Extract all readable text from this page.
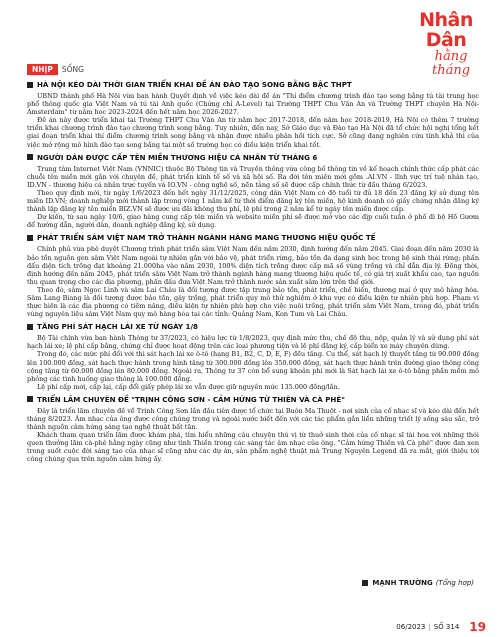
Nhân Dân
hằng tháng
NHỊP	SỐNG
HÀ NỘI KÉO DÀI THỜI GIAN TRIỂN KHAI ĐỀ ÁN ĐÀO TẠO SONG BẰNG BẬC THPT

UBND thành phố Hà Nội vừa ban hành Quyết định về việc kéo dài đề án "Thí điểm chương trình đào tạo song bằng tú tài trung học phổ thông quốc gia Việt Nam và tú tài Anh quốc (Chứng chỉ A-Level) tại Trường THPT Chu Văn An và Trường THPT chuyên Hà Nội-Amsterdam" từ năm học 2023-2024 đến hết năm học 2026-2027.

Đề án này được triển khai tại Trường THPT Chu Văn An từ năm học 2017-2018, đến năm học 2018-2019, Hà Nội có thêm 7 trường triển khai chương trình đào tạo chương trình song bằng. Tuy nhiên, đến nay, Sở Giáo dục và Đào tạo Hà Nội đã tổ chức hội nghị tổng kết giai đoạn triển khai thí điểm chương trình song bằng và nhận được nhiều phản hồi tích cực. Sở cũng đang nghiên cứu tính khả thi của việc mở rộng mô hình đào tạo song bằng tại một số trường học có điều kiện triển khai tốt.

NGƯỜI DÂN ĐƯỢC CẤP TÊN MIỀN THƯƠNG HIỆU CÁ NHÂN TỪ THÁNG 6

Trung tâm Internet Việt Nam (VNNIC) thuộc Bộ Thông tin và Truyền thông vừa công bố thông tin về kế hoạch chính thức cấp phát các chuỗi tên miền mới gắn với chuyên đề, phát triển kinh tế số và xã hội số. Ra đời tên miền mới gồm .AI.VN - lĩnh vực trí tuệ nhân tạo, ID.VN - thương hiệu cá nhân trực tuyến và IO.VN - công nghệ số, nền tảng số sẽ được cấp chính thức từ đầu tháng 6/2023.

Theo quy định mới, từ ngày 1/6/2023 đến hết ngày 31/12/2025, công dân Việt Nam có độ tuổi từ đủ 18 đến 23 đăng ký sử dụng tên miền ID.VN; doanh nghiệp mới thành lập trong vòng 1 năm kể từ thời điểm đăng ký tên miền, hộ kinh doanh có giấy chứng nhận đăng ký thành lập đăng ký tên miền BIZ.VN sẽ được ưu đãi không thu phí, lệ phí trong 2 năm kể từ ngày tên miền được cấp.

Dự kiến, từ sau ngày 10/6, giao hàng cung cấp tên miền và website miền phí sẽ được mở vào các địp cuối tuần ở phố đi bộ Hồ Gươm để hướng dẫn, người dân, doanh nghiệp đăng ký, sử dụng.

PHÁT TRIỂN SÂM VIỆT NAM TRỞ THÀNH NGÀNH HÀNG MANG THƯƠNG HIỆU QUỐC TẾ

Chính phủ vừa phê duyệt Chương trình phát triển sâm Việt Nam đến năm 2030, định hướng đến năm 2045. Giai đoạn đến năm 2030 là bảo tồn nguồn gen sâm Việt Nam ngoài tự nhiên gắn với bảo vệ, phát triển rừng, bảo tồn đa dạng sinh học trong hệ sinh thái rừng; phấn đấu diện tích trồng đạt khoảng 21.000ha vào năm 2030, 100% diện tích trồng được cấp mã số vùng trồng và chỉ dẫn địa lý. Đồng thời, định hướng đến năm 2045, phát triển sâm Việt Nam trở thành ngành hàng mang thương hiệu quốc tế, có giá trị xuất khẩu cao, tạo nguồn thu quan trọng cho các địa phương, phấn đấu đưa Việt Nam trở thành nước sản xuất sâm lớn trên thế giới.

Theo đó, sâm Ngọc Linh và sâm Lai Châu là đối tượng được tập trung bảo tồn, phát triển, chế biến, thương mại ở quy mô hàng hóa. Sâm Lang Biang là đối tượng được bảo tồn, gây trồng, phát triển quy mô thử nghiệm ở khu vực có điều kiện tự nhiên phù hợp. Phạm vi thực hiện là các địa phương có tiềm năng, điều kiện tự nhiên phù hợp cho việc nuôi trồng, phát triển sâm Việt Nam, trong đó, phát triển vùng nguyên liệu sâm Việt Nam quy mô hàng hóa tại các tỉnh: Quảng Nam, Kon Tum và Lai Châu.

TĂNG PHÍ SÁT HẠCH LÁI XE TỪ NGÀY 1/8

Bộ Tài chính vừa ban hành Thông tư 37/2023, có hiệu lực từ 1/8/2023, quy định mức thu, chế độ thu, nộp, quản lý và sử dụng phí sát hạch lái xe; lệ phí cấp bằng, chứng chỉ được hoạt động trên các loại phương tiện và lệ phí đăng ký, cấp biển xe máy chuyên dùng.

Trong đó, các mức phí đối với thi sát hạch lái xe ô-tô (hạng B1, B2, C, D, E, F) đều tăng. Cụ thể, sát hạch lý thuyết tăng từ 90.000 đồng lên 100.000 đồng, sát hạch thực hành trong hình tăng từ 300.000 đồng lên 350.000 đồng, sát hạch thực hành trên đường giao thông công cộng tăng từ 60.000 đồng lên 80.000 đồng. Ngoài ra, Thông tư 37 còn bổ sung khoản phí mới là Sát hạch lái xe ô-tô bằng phần mềm mô phỏng các tình huống giao thông là 100.000 đồng.

Lệ phí cấp mới, cấp lại, cấp đổi giấy phép lái xe vẫn được giữ nguyên mức 135.000 đồng/lần.

TRIỂN LÃM CHUYÊN ĐỀ "TRỊNH CÔNG SƠN - CẢM HỨNG TỪ THIÊN VÀ CÀ PHÊ"

Đây là triển lãm chuyên đề về Trịnh Công Sơn lần đầu tiên được tổ chức tại Buôn Ma Thuột - nơi sinh của cố nhạc sĩ và kéo dài đến hết tháng 8/2023. Âm nhạc của ông được công chúng trong và ngoài nước biết đến với các tác phẩm gắn liền những triết lý sống sâu sắc, trở thành nguồn cảm hứng sáng tạo nghệ thuật bất tận.

Khách tham quan triển lãm được khám phá, tìm hiểu những câu chuyện thú vị từ thuở sinh thời của cố nhạc sĩ tài hoa với những thói quen thưởng lãm cà-phê hằng ngày cũng như tình Thiền trong các sáng tác âm nhạc của ông. "Cảm hứng Thiền và Cà phê" được đan xen trong suốt cuộc đời sáng tạo của nhạc sĩ cũng như các dự án, sản phẩm nghệ thuật mà Trung Nguyên Legend đã ra mắt, giới thiệu tới công chúng qua trên nguồn cảm hứng ấy.

MẠNH TRƯỜNG (Tổng hợp)
06/2023 | SỐ 314 19
